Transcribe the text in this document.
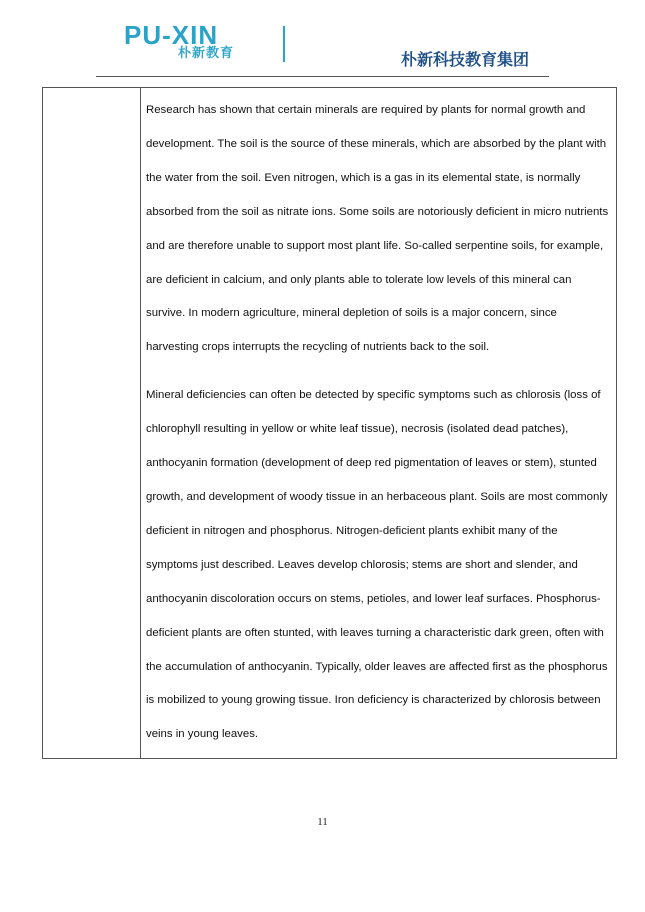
PU-XIN
朴新教育	朴新科技教育集团

Research has shown that certain minerals are required by plants for normal growth and development. The soil is the source of these minerals, which are absorbed by the plant with the water from the soil. Even nitrogen, which is a gas in its elemental state, is normally absorbed from the soil as nitrate ions. Some soils are notoriously deficient in micro nutrients and are therefore unable to support most plant life. So-called serpentine soils, for example, are deficient in calcium, and only plants able to tolerate low levels of this mineral can survive. In modern agriculture, mineral depletion of soils is a major concern, since harvesting crops interrupts the recycling of nutrients back to the soil.

Mineral deficiencies can often be detected by specific symptoms such as chlorosis (loss of chlorophyll resulting in yellow or white leaf tissue), necrosis (isolated dead patches), anthocyanin formation (development of deep red pigmentation of leaves or stem), stunted growth, and development of woody tissue in an herbaceous plant. Soils are most commonly deficient in nitrogen and phosphorus. Nitrogen-deficient plants exhibit many of the symptoms just described. Leaves develop chlorosis; stems are short and slender, and anthocyanin discoloration occurs on stems, petioles, and lower leaf surfaces. Phosphorus-deficient plants are often stunted, with leaves turning a characteristic dark green, often with the accumulation of anthocyanin. Typically, older leaves are affected first as the phosphorus is mobilized to young growing tissue. Iron deficiency is characterized by chlorosis between veins in young leaves.

11
